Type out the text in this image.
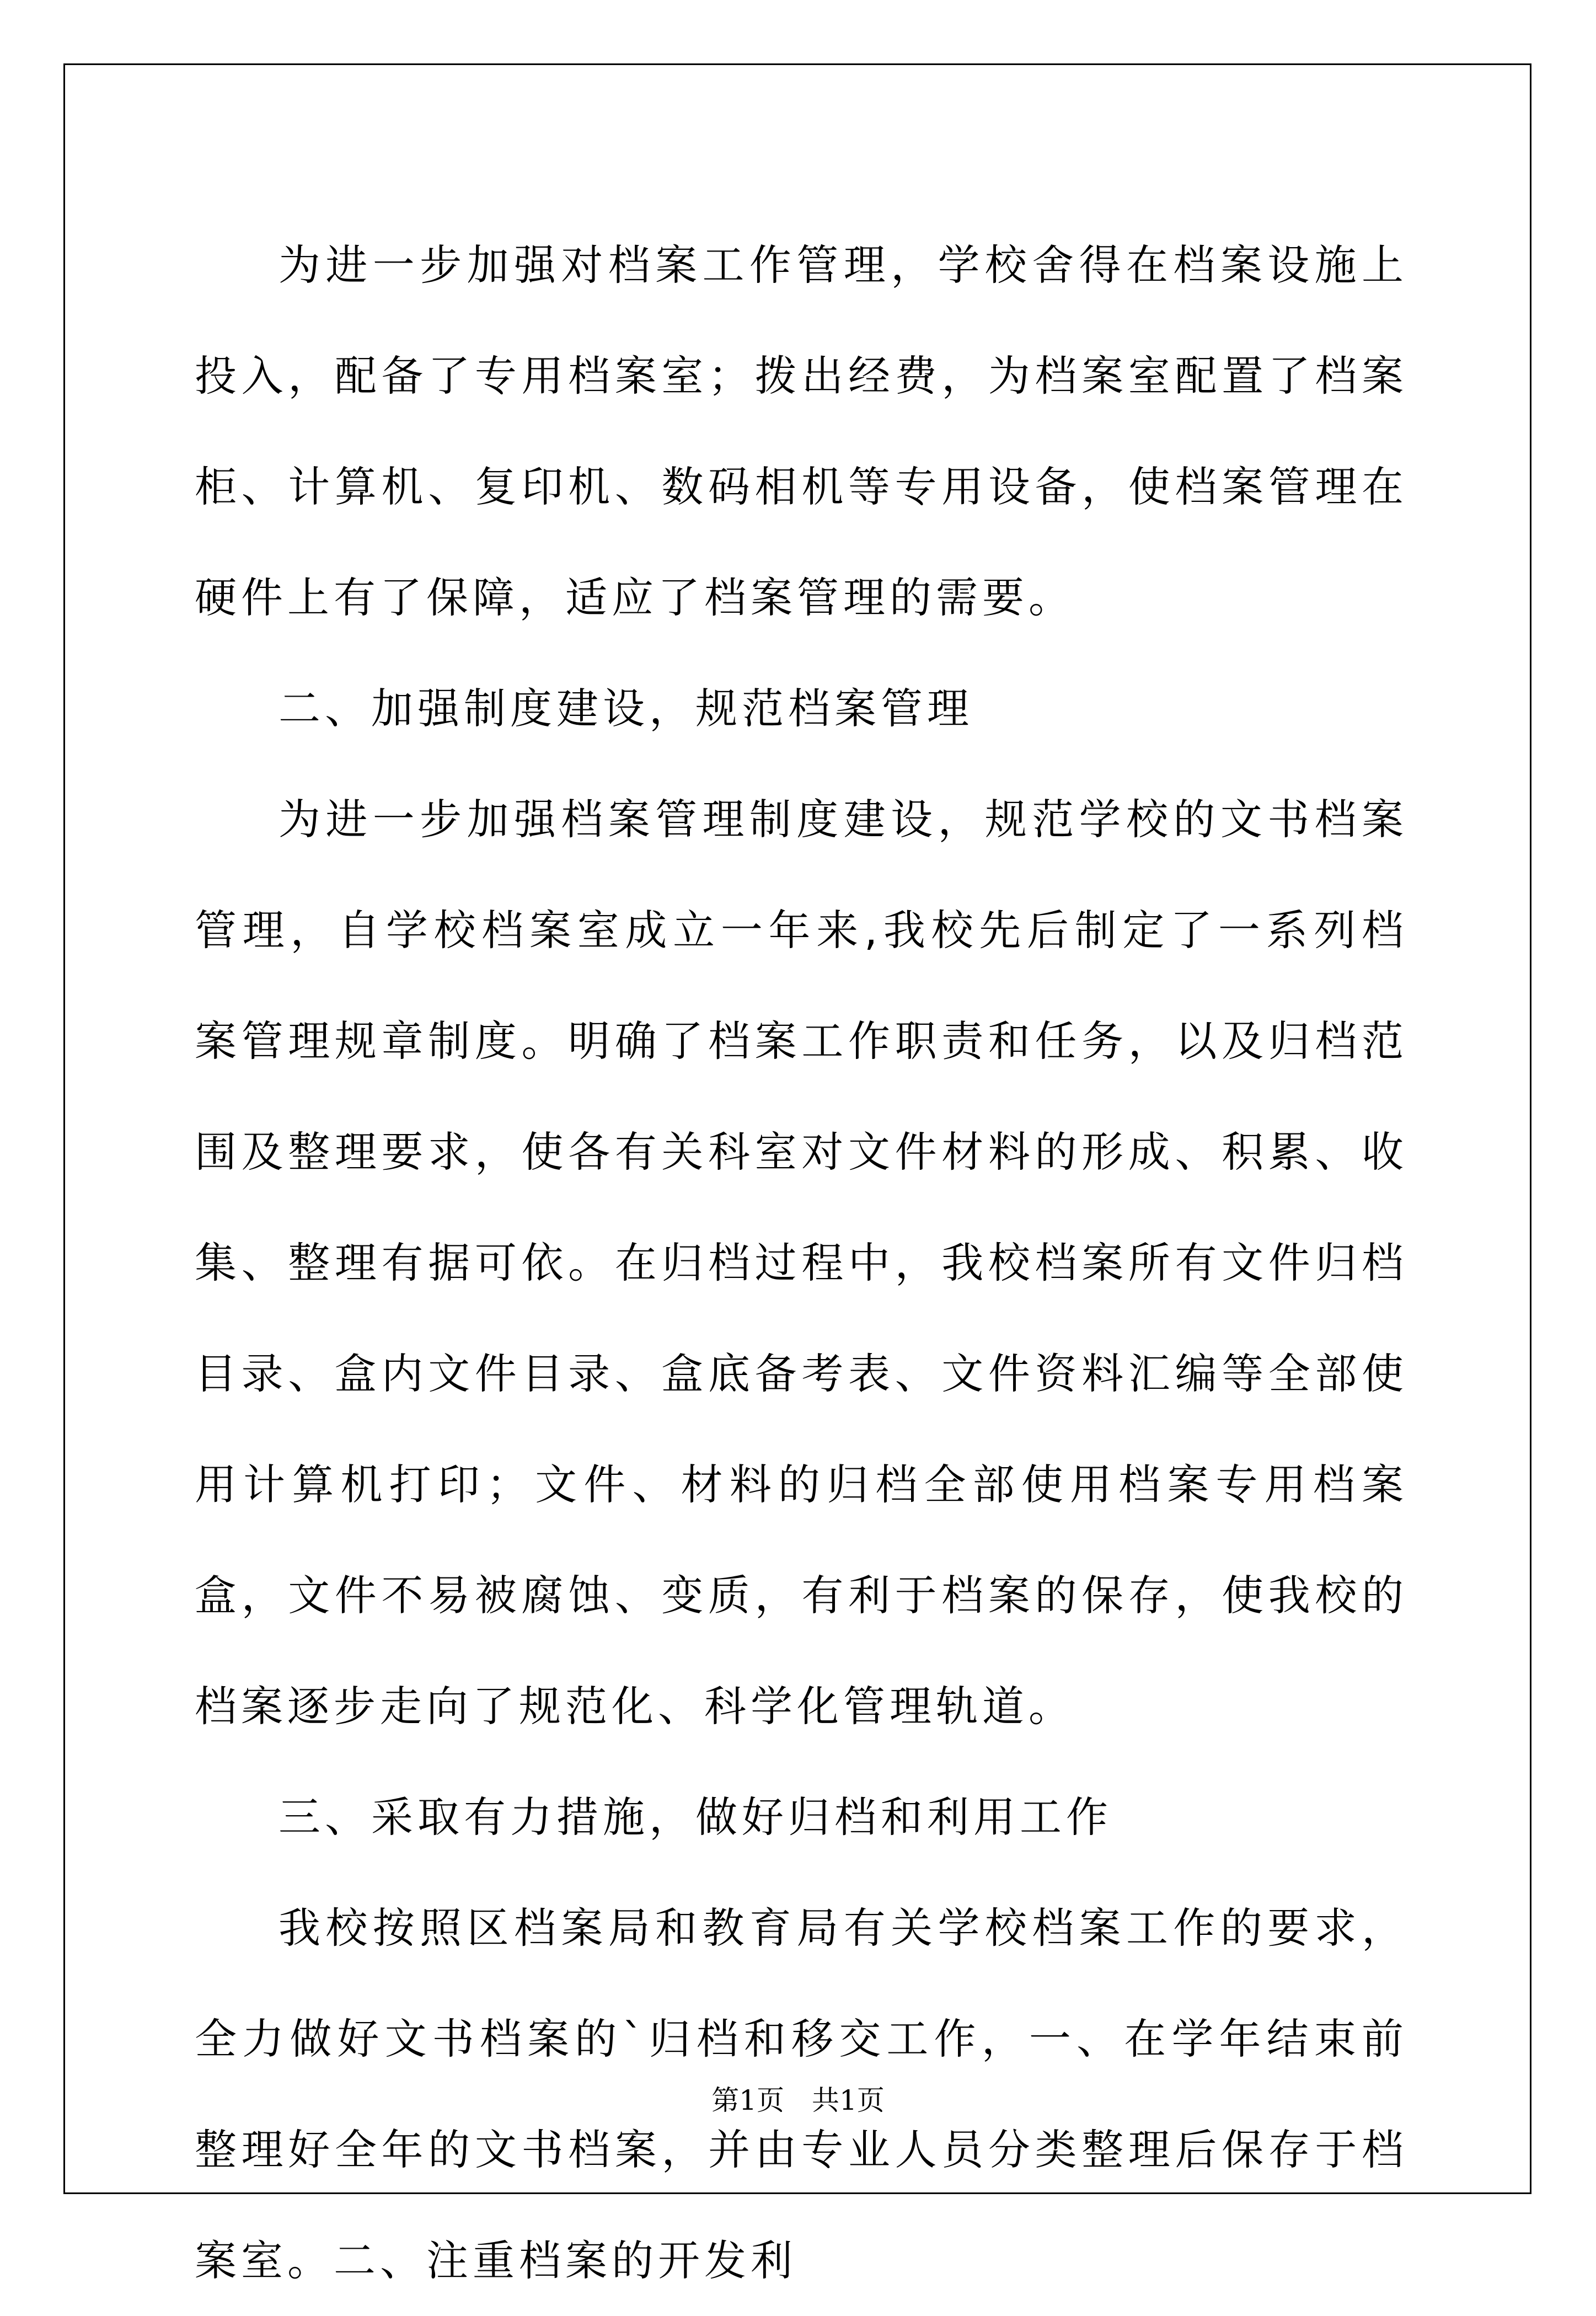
为进一步加强对档案工作管理，学校舍得在档案设施上投入，配备了专用档案室；拨出经费，为档案室配置了档案柜、计算机、复印机、数码相机等专用设备，使档案管理在硬件上有了保障，适应了档案管理的需要。

二、加强制度建设，规范档案管理

为进一步加强档案管理制度建设，规范学校的文书档案管理，自学校档案室成立一年来,我校先后制定了一系列档案管理规章制度。明确了档案工作职责和任务，以及归档范围及整理要求，使各有关科室对文件材料的形成、积累、收集、整理有据可依。在归档过程中，我校档案所有文件归档目录、盒内文件目录、盒底备考表、文件资料汇编等全部使用计算机打印；文件、材料的归档全部使用档案专用档案盒，文件不易被腐蚀、变质，有利于档案的保存，使我校的档案逐步走向了规范化、科学化管理轨道。

三、采取有力措施，做好归档和利用工作

我校按照区档案局和教育局有关学校档案工作的要求，全力做好文书档案的`归档和移交工作，一、在学年结束前整理好全年的文书档案，并由专业人员分类整理后保存于档案室。二、注重档案的开发利

第1页　共1页
